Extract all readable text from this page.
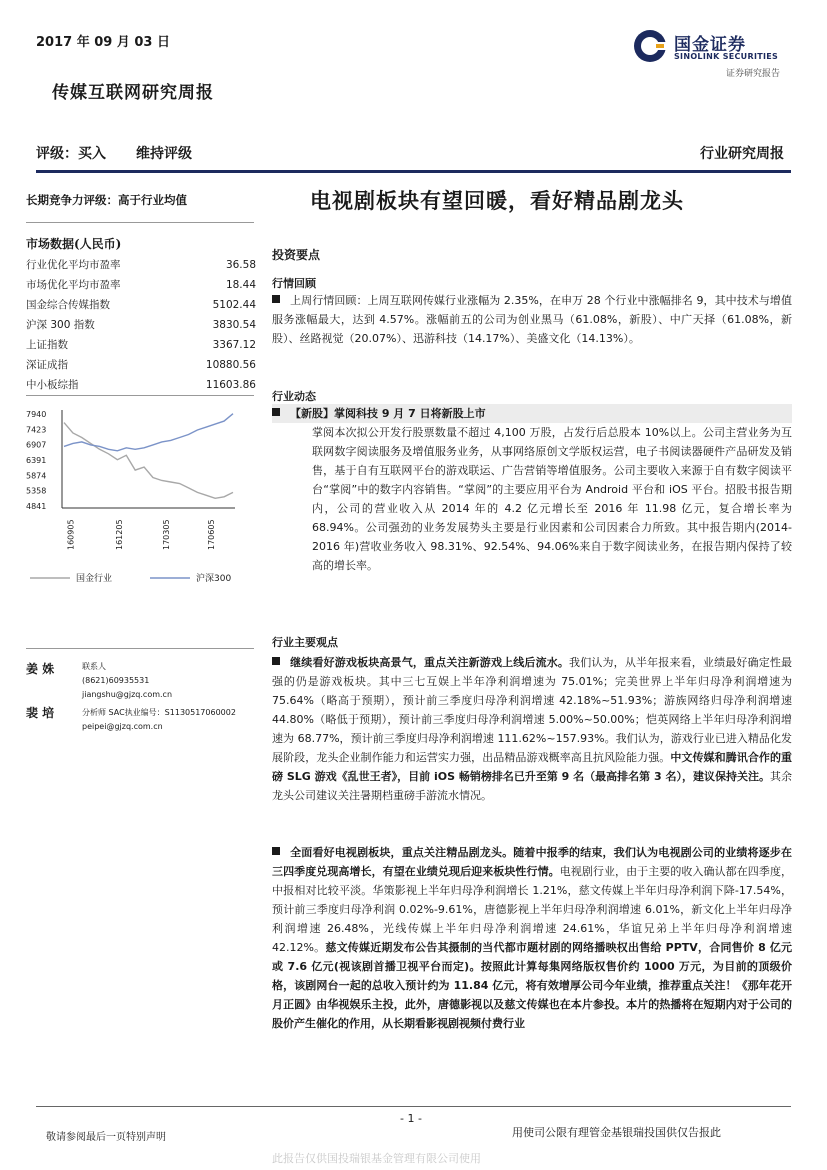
2017 年 09 月 03 日
传媒互联网研究周报
国金证券
SINOLINK SECURITIES
证券研究报告
评级：买入 维持评级	行业研究周报
长期竞争力评级：高于行业均值
市场数据(人民币)
行业优化平均市盈率	36.58
市场优化平均市盈率	18.44
国金综合传媒指数	5102.44
沪深 300 指数	3830.54
上证指数	3367.12
深证成指	10880.56
中小板综指	11603.86
7940
7423
6907
6391
5874
5358
4841
160905	161205	170305	170605
国金行业	沪深300
姜 姝	联系人
(8621)60935531
jiangshu@gjzq.com.cn
裴 培	分析师 SAC执业编号：S1130517060002
peipei@gjzq.com.cn
电视剧板块有望回暖，看好精品剧龙头
投资要点
行情回顾
上周行情回顾：上周互联网传媒行业涨幅为 2.35%，在申万 28 个行业中涨幅排名 9，其中技术与增值服务涨幅最大，达到 4.57%。涨幅前五的公司为创业黑马（61.08%，新股）、中广天择（61.08%，新股）、丝路视觉（20.07%）、迅游科技（14.17%）、美盛文化（14.13%）。
行业动态
【新股】掌阅科技 9 月 7 日将新股上市
掌阅本次拟公开发行股票数量不超过 4,100 万股，占发行后总股本 10%以上。公司主营业务为互联网数字阅读服务及增值服务业务，从事网络原创文学版权运营，电子书阅读器硬件产品研发及销售，基于自有互联网平台的游戏联运、广告营销等增值服务。公司主要收入来源于自有数字阅读平台“掌阅”中的数字内容销售。“掌阅”的主要应用平台为 Android 平台和 iOS 平台。招股书报告期内，公司的营业收入从 2014 年的 4.2 亿元增长至 2016 年 11.98 亿元，复合增长率为 68.94%。公司强劲的业务发展势头主要是行业因素和公司因素合力所致。其中报告期内(2014-2016 年)营收业务收入 98.31%、92.54%、94.06%来自于数字阅读业务，在报告期内保持了较高的增长率。
行业主要观点
继续看好游戏板块高景气，重点关注新游戏上线后流水。我们认为，从半年报来看，业绩最好确定性最强的仍是游戏板块。其中三七互娱上半年净利润增速为 75.01%；完美世界上半年归母净利润增速为 75.64%（略高于预期），预计前三季度归母净利润增速 42.18%~51.93%；游族网络归母净利润增速 44.80%（略低于预期），预计前三季度归母净利润增速 5.00%~50.00%；恺英网络上半年归母净利润增速为 68.77%，预计前三季度归母净利润增速 111.62%~157.93%。我们认为，游戏行业已进入精品化发展阶段，龙头企业制作能力和运营实力强，出品精品游戏概率高且抗风险能力强。中文传媒和腾讯合作的重磅 SLG 游戏《乱世王者》，目前 iOS 畅销榜排名已升至第 9 名（最高排名第 3 名），建议保持关注。其余龙头公司建议关注暑期档重磅手游流水情况。
全面看好电视剧板块，重点关注精品剧龙头。随着中报季的结束，我们认为电视剧公司的业绩将逐步在三四季度兑现高增长，有望在业绩兑现后迎来板块性行情。电视剧行业，由于主要的收入确认都在四季度，中报相对比较平淡。华策影视上半年归母净利润增长 1.21%，慈文传媒上半年归母净利润下降-17.54%，预计前三季度归母净利润 0.02%-9.61%，唐德影视上半年归母净利润增速 6.01%，新文化上半年归母净利润增速 26.48%，光线传媒上半年归母净利润增速 24.61%，华谊兄弟上半年归母净利润增速 42.12%。慈文传媒近期发布公告其摄制的当代都市题材剧的网络播映权出售给 PPTV，合同售价 8 亿元或 7.6 亿元(视该剧首播卫视平台而定)。按照此计算每集网络版权售价约 1000 万元，为目前的顶级价格，该剧网台一起的总收入预计约为 11.84 亿元，将有效增厚公司今年业绩，推荐重点关注！《那年花开月正圆》由华视娱乐主投，此外，唐德影视以及慈文传媒也在本片参投。本片的热播将在短期内对于公司的股价产生催化的作用，从长期看影视剧视频付费行业
- 1 -
敬请参阅最后一页特别声明	用使司公限有理管金基银瑞投国供仅告报此
此报告仅供国投瑞银基金管理有限公司使用
